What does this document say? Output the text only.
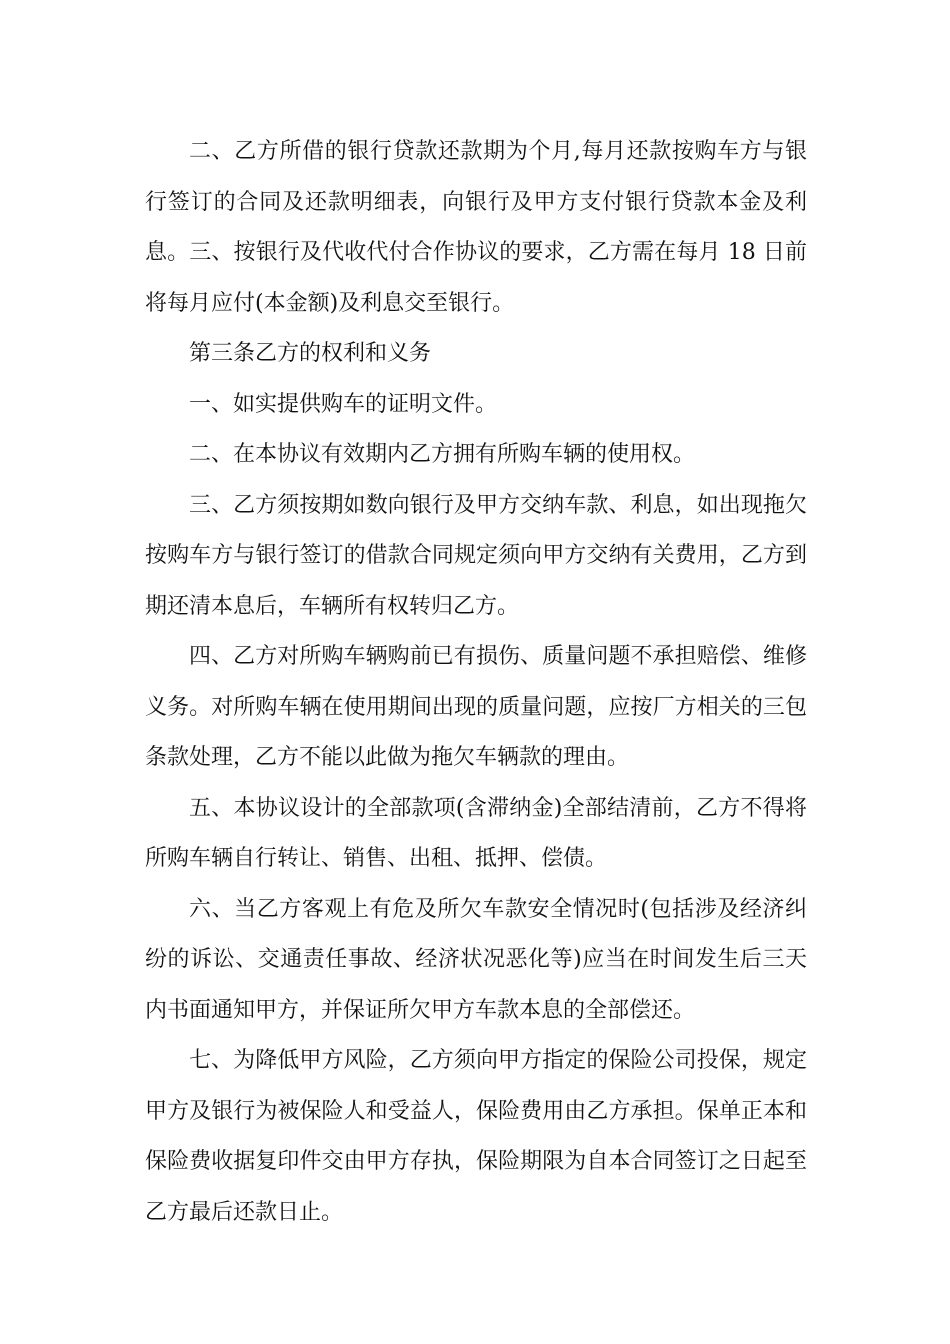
二、乙方所借的银行贷款还款期为个月,每月还款按购车方与银行签订的合同及还款明细表，向银行及甲方支付银行贷款本金及利息。三、按银行及代收代付合作协议的要求，乙方需在每月 18 日前将每月应付(本金额)及利息交至银行。

第三条乙方的权利和义务

一、如实提供购车的证明文件。

二、在本协议有效期内乙方拥有所购车辆的使用权。

三、乙方须按期如数向银行及甲方交纳车款、利息，如出现拖欠按购车方与银行签订的借款合同规定须向甲方交纳有关费用，乙方到期还清本息后，车辆所有权转归乙方。

四、乙方对所购车辆购前已有损伤、质量问题不承担赔偿、维修义务。对所购车辆在使用期间出现的质量问题，应按厂方相关的三包条款处理，乙方不能以此做为拖欠车辆款的理由。

五、本协议设计的全部款项(含滞纳金)全部结清前，乙方不得将所购车辆自行转让、销售、出租、抵押、偿债。

六、当乙方客观上有危及所欠车款安全情况时(包括涉及经济纠纷的诉讼、交通责任事故、经济状况恶化等)应当在时间发生后三天内书面通知甲方，并保证所欠甲方车款本息的全部偿还。

七、为降低甲方风险，乙方须向甲方指定的保险公司投保，规定甲方及银行为被保险人和受益人，保险费用由乙方承担。保单正本和保险费收据复印件交由甲方存执，保险期限为自本合同签订之日起至乙方最后还款日止。
